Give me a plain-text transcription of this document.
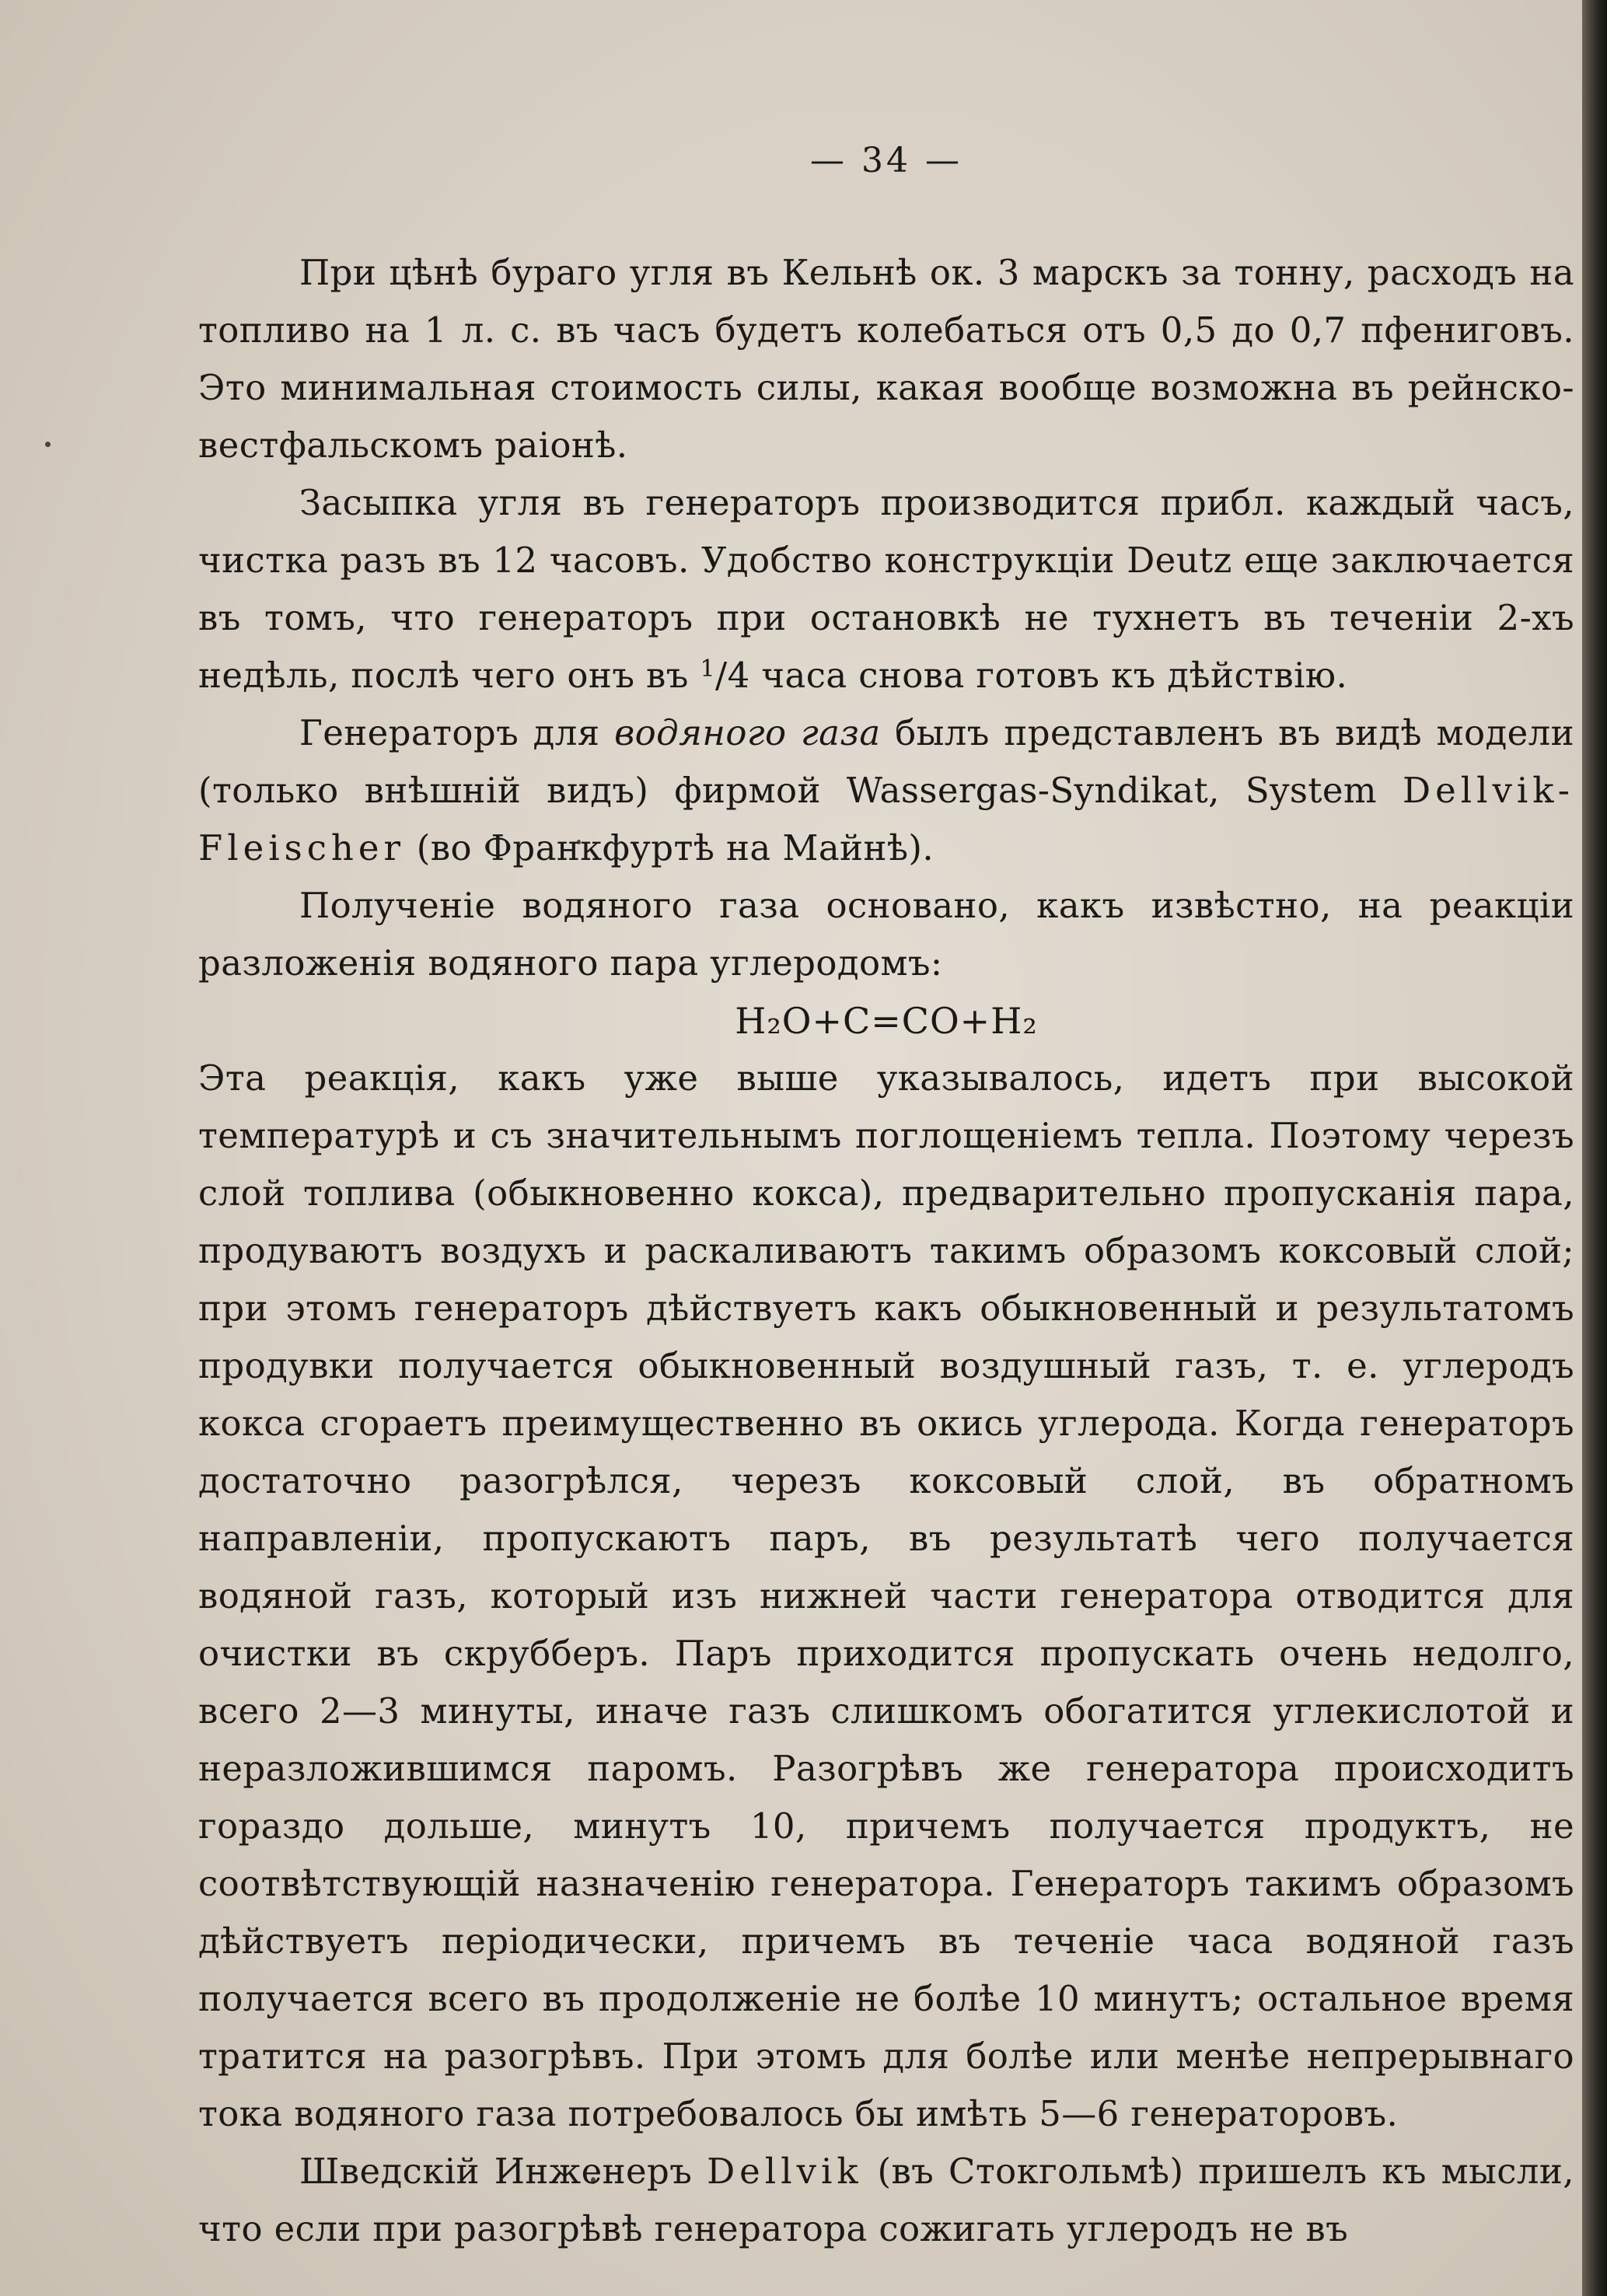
— 34 —

При цѣнѣ бураго угля въ Кельнѣ ок. 3 марскъ за тонну, расходъ на топливо на 1 л. с. въ часъ будетъ колебаться отъ 0,5 до 0,7 пфениговъ. Это минимальная стоимость силы, какая вообще возможна въ рейнско-вестфальскомъ раіонѣ.

Засыпка угля въ генераторъ производится прибл. каждый часъ, чистка разъ въ 12 часовъ. Удобство конструкціи Deutz еще заключается въ томъ, что генераторъ при остановкѣ не тухнетъ въ теченіи 2-хъ недѣль, послѣ чего онъ въ $^1$/4 часа снова готовъ къ дѣйствію.

Генераторъ для водяного газа былъ представленъ въ видѣ модели (только внѣшній видъ) фирмой Wassergas-Syndikat, System Dellvik-Fleischer (во Франкфуртѣ на Майнѣ).

Полученіе водяного газа основано, какъ извѣстно, на реакціи разложенія водяного пара углеродомъ:

H₂O+C=CO+H₂

Эта реакція, какъ уже выше указывалось, идетъ при высокой температурѣ и съ значительнымъ поглощеніемъ тепла. Поэтому черезъ слой топлива (обыкновенно кокса), предварительно пропусканія пара, продуваютъ воздухъ и раскаливаютъ такимъ образомъ коксовый слой; при этомъ генераторъ дѣйствуетъ какъ обыкновенный и результатомъ продувки получается обыкновенный воздушный газъ, т. е. углеродъ кокса сгораетъ преимущественно въ окись углерода. Когда генераторъ достаточно разогрѣлся, черезъ коксовый слой, въ обратномъ направленіи, пропускаютъ паръ, въ результатѣ чего получается водяной газъ, который изъ нижней части генератора отводится для очистки въ скрубберъ. Паръ приходится пропускать очень недолго, всего 2—3 минуты, иначе газъ слишкомъ обогатится углекислотой и неразложившимся паромъ. Разогрѣвъ же генератора происходитъ гораздо дольше, минутъ 10, причемъ получается продуктъ, не соотвѣтствующій назначенію генератора. Генераторъ такимъ образомъ дѣйствуетъ періодически, причемъ въ теченіе часа водяной газъ получается всего въ продолженіе не болѣе 10 минутъ; остальное время тратится на разогрѣвъ. При этомъ для болѣе или менѣе непрерывнаго тока водяного газа потребовалось бы имѣть 5—6 генераторовъ.

Шведскій Инженеръ Dellvik (въ Стокгольмѣ) пришелъ къ мысли, что если при разогрѣвѣ генератора сожигать углеродъ не въ
